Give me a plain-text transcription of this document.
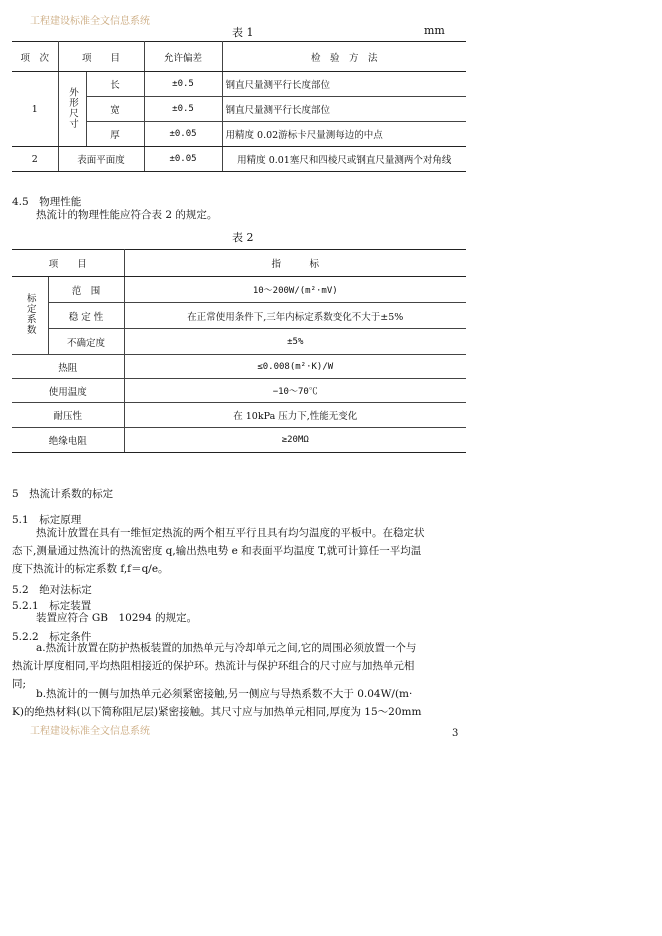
工程建设标准全文信息系统
表 1	mm
项　次	项　　目		允许偏差	检　验　方　法
1	外形尺寸	长	±0.5	钢直尺量测平行长度部位
		宽	±0.5	钢直尺量测平行长度部位
		厚	±0.05	用精度 0.02游标卡尺量测每边的中点
2	表面平面度		±0.05	用精度 0.01塞尺和四棱尺或钢直尺量测两个对角线
4.5　物理性能
热流计的物理性能应符合表 2 的规定。
表 2
项　　目		指　　　标
标定系数	范　围	10～200W/(m²·mV)
	稳 定 性	在正常使用条件下,三年内标定系数变化不大于±5%
	不确定度	±5%
热阻		≤0.008(m²·K)/W
使用温度		−10～70℃
耐压性		在 10kPa 压力下,性能无变化
绝缘电阻		≥20MΩ
5　热流计系数的标定
5.1　标定原理
热流计放置在具有一维恒定热流的两个相互平行且具有均匀温度的平板中。在稳定状
态下,测量通过热流计的热流密度 q,输出热电势 e 和表面平均温度 T,就可计算任一平均温
度下热流计的标定系数 f,f＝q/e。
5.2　绝对法标定
5.2.1　标定装置
装置应符合 GB　10294 的规定。
5.2.2　标定条件
a.热流计放置在防护热板装置的加热单元与冷却单元之间,它的周围必须放置一个与
热流计厚度相同,平均热阻相接近的保护环。热流计与保护环组合的尺寸应与加热单元相
同;
b.热流计的一侧与加热单元必须紧密接触,另一侧应与导热系数不大于 0.04W/(m·
K)的绝热材料(以下简称阻尼层)紧密接触。其尺寸应与加热单元相同,厚度为 15～20mm
工程建设标准全文信息系统	3
